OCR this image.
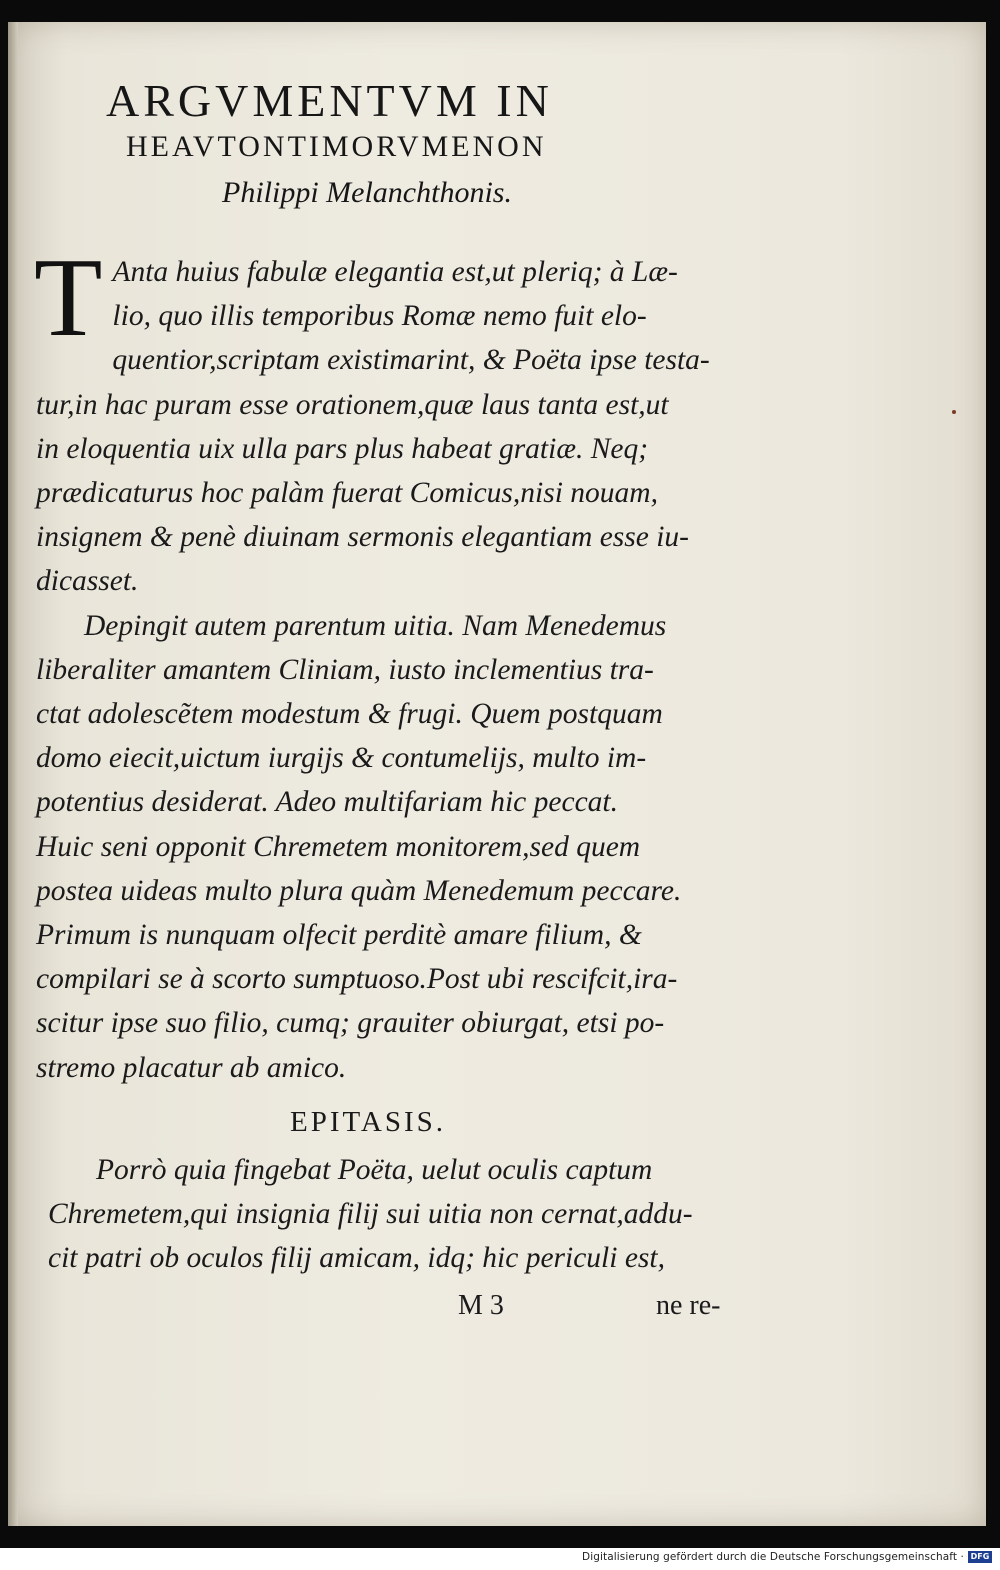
ARGVMENTVM IN
HEAVTONTIMORVMENON
Philippi Melanchthonis.
T Anta huius fabulæ elegantia est,ut pleriq; à Læ-
lio, quo illis temporibus Romæ nemo fuit elo-
quentior,scriptam existimarint, & Poëta ipse testa-
tur,in hac puram esse orationem,quæ laus tanta est,ut
in eloquentia uix ulla pars plus habeat gratiæ. Neq;
prædicaturus hoc palàm fuerat Comicus,nisi nouam,
insignem & penè diuinam sermonis elegantiam esse iu-
dicasset.
Depingit autem parentum uitia. Nam Menedemus
liberaliter amantem Cliniam, iusto inclementius tra-
ctat adolescẽtem modestum & frugi. Quem postquam
domo eiecit,uictum iurgijs & contumelijs, multo im-
potentius desiderat. Adeo multifariam hic peccat.
Huic seni opponit Chremetem monitorem,sed quem
postea uideas multo plura quàm Menedemum peccare.
Primum is nunquam olfecit perditè amare filium, &
compilari se à scorto sumptuoso.Post ubi rescifcit,ira-
scitur ipse suo filio, cumq; grauiter obiurgat, etsi po-
stremo placatur ab amico.
EPITASIS.
Porrò quia fingebat Poëta, uelut oculis captum
Chremetem,qui insignia filij sui uitia non cernat,addu-
cit patri ob oculos filij amicam, idq; hic periculi est,
M 3	ne re-
Digitalisierung gefördert durch die Deutsche Forschungsgemeinschaft · DFG
